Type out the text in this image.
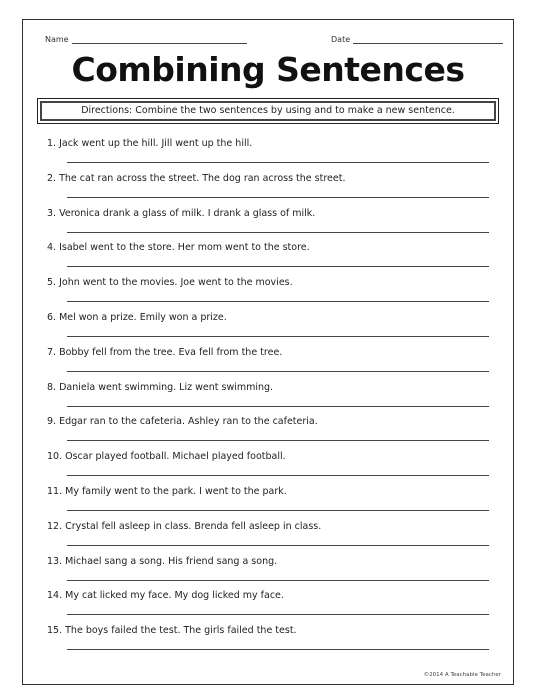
Name	Date
Combining Sentences
Directions: Combine the two sentences by using and to make a new sentence.
1. Jack went up the hill. Jill went up the hill.
2. The cat ran across the street. The dog ran across the street.
3. Veronica drank a glass of milk. I drank a glass of milk.
4. Isabel went to the store. Her mom went to the store.
5. John went to the movies. Joe went to the movies.
6. Mel won a prize. Emily won a prize.
7. Bobby fell from the tree. Eva fell from the tree.
8. Daniela went swimming. Liz went swimming.
9. Edgar ran to the cafeteria. Ashley ran to the cafeteria.
10. Oscar played football. Michael played football.
11. My family went to the park. I went to the park.
12. Crystal fell asleep in class. Brenda fell asleep in class.
13. Michael sang a song. His friend sang a song.
14. My cat licked my face. My dog licked my face.
15. The boys failed the test. The girls failed the test.
©2014 A Teachable Teacher
